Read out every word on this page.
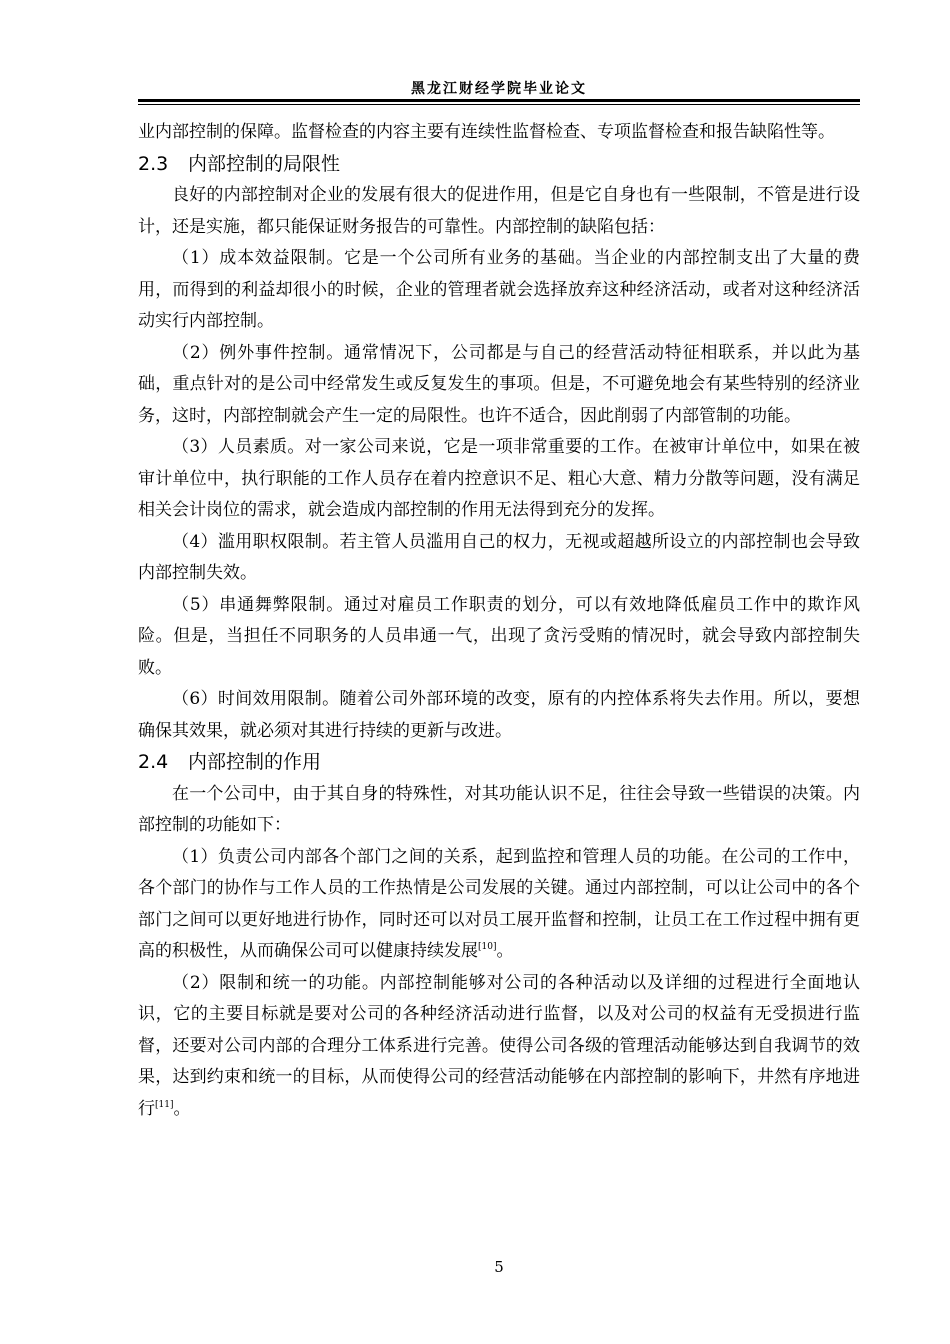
黑龙江财经学院毕业论文

业内部控制的保障。监督检查的内容主要有连续性监督检查、专项监督检查和报告缺陷性等。

2.3 内部控制的局限性

良好的内部控制对企业的发展有很大的促进作用，但是它自身也有一些限制，不管是进行设计，还是实施，都只能保证财务报告的可靠性。内部控制的缺陷包括：

（1）成本效益限制。它是一个公司所有业务的基础。当企业的内部控制支出了大量的费用，而得到的利益却很小的时候，企业的管理者就会选择放弃这种经济活动，或者对这种经济活动实行内部控制。

（2）例外事件控制。通常情况下，公司都是与自己的经营活动特征相联系，并以此为基础，重点针对的是公司中经常发生或反复发生的事项。但是，不可避免地会有某些特别的经济业务，这时，内部控制就会产生一定的局限性。也许不适合，因此削弱了内部管制的功能。

（3）人员素质。对一家公司来说，它是一项非常重要的工作。在被审计单位中，如果在被审计单位中，执行职能的工作人员存在着内控意识不足、粗心大意、精力分散等问题，没有满足相关会计岗位的需求，就会造成内部控制的作用无法得到充分的发挥。

（4）滥用职权限制。若主管人员滥用自己的权力，无视或超越所设立的内部控制也会导致内部控制失效。

（5）串通舞弊限制。通过对雇员工作职责的划分，可以有效地降低雇员工作中的欺诈风险。但是，当担任不同职务的人员串通一气，出现了贪污受贿的情况时，就会导致内部控制失败。

（6）时间效用限制。随着公司外部环境的改变，原有的内控体系将失去作用。所以，要想确保其效果，就必须对其进行持续的更新与改进。

2.4 内部控制的作用

在一个公司中，由于其自身的特殊性，对其功能认识不足，往往会导致一些错误的决策。内部控制的功能如下：

（1）负责公司内部各个部门之间的关系，起到监控和管理人员的功能。在公司的工作中，各个部门的协作与工作人员的工作热情是公司发展的关键。通过内部控制，可以让公司中的各个部门之间可以更好地进行协作，同时还可以对员工展开监督和控制，让员工在工作过程中拥有更高的积极性，从而确保公司可以健康持续发展[10]。

（2）限制和统一的功能。内部控制能够对公司的各种活动以及详细的过程进行全面地认识，它的主要目标就是要对公司的各种经济活动进行监督，以及对公司的权益有无受损进行监督，还要对公司内部的合理分工体系进行完善。使得公司各级的管理活动能够达到自我调节的效果，达到约束和统一的目标，从而使得公司的经营活动能够在内部控制的影响下，井然有序地进行[11]。

5
